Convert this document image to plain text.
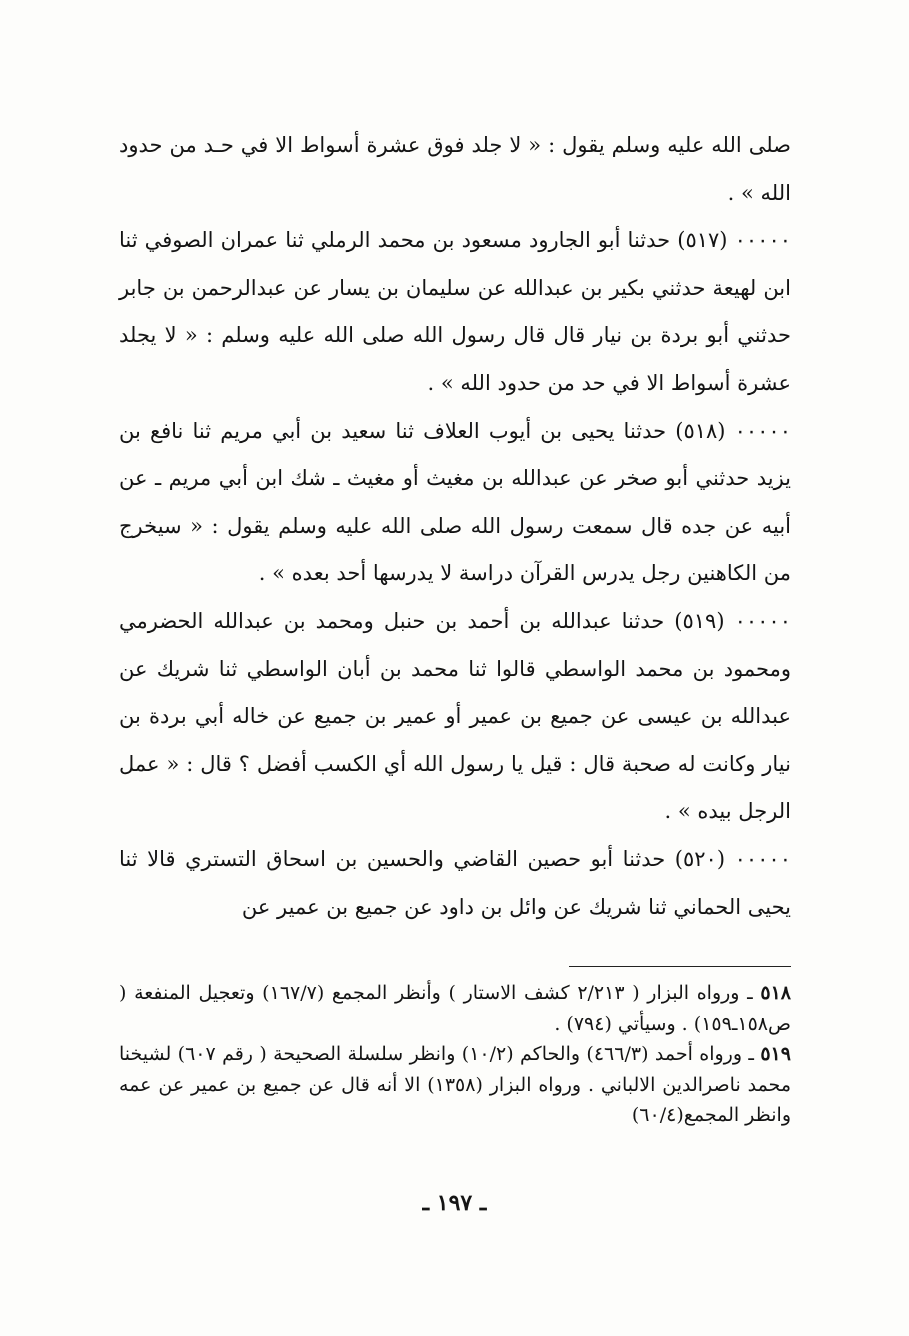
صلى الله عليه وسلم يقول : « لا جلد فوق عشرة أسواط الا في حـد من حدود الله » .

٠٠٠٠٠ (٥١٧) حدثنا أبو الجارود مسعود بن محمد الرملي ثنا عمران الصوفي ثنا ابن لهيعة حدثني بكير بن عبدالله عن سليمان بن يسار عن عبدالرحمن بن جابر حدثني أبو بردة بن نيار قال قال رسول الله صلى الله عليه وسلم : « لا يجلد عشرة أسواط الا في حد من حدود الله » .

٠٠٠٠٠ (٥١٨) حدثنا يحيى بن أيوب العلاف ثنا سعيد بن أبي مريم ثنا نافع بن يزيد حدثني أبو صخر عن عبدالله بن مغيث أو مغيث ـ شك ابن أبي مريم ـ عن أبيه عن جده قال سمعت رسول الله صلى الله عليه وسلم يقول : « سيخرج من الكاهنين رجل يدرس القرآن دراسة لا يدرسها أحد بعده » .

٠٠٠٠٠ (٥١٩) حدثنا عبدالله بن أحمد بن حنبل ومحمد بن عبدالله الحضرمي ومحمود بن محمد الواسطي قالوا ثنا محمد بن أبان الواسطي ثنا شريك عن عبدالله بن عيسى عن جميع بن عمير أو عمير بن جميع عن خاله أبي بردة بن نيار وكانت له صحبة قال : قيل يا رسول الله أي الكسب أفضل ؟ قال : « عمل الرجل بيده » .

٠٠٠٠٠ (٥٢٠) حدثنا أبو حصين القاضي والحسين بن اسحاق التستري قالا ثنا يحيى الحماني ثنا شريك عن وائل بن داود عن جميع بن عمير عن

٥١٨ ـ ورواه البزار ( ٢/٢١٣ كشف الاستار ) وأنظر المجمع (١٦٧/٧) وتعجيل المنفعة ( ص١٥٨ـ١٥٩) . وسيأتي (٧٩٤) .

٥١٩ ـ ورواه أحمد (٤٦٦/٣) والحاكم (١٠/٢) وانظر سلسلة الصحيحة ( رقم ٦٠٧) لشيخنا محمد ناصرالدين الالباني . ورواه البزار (١٣٥٨) الا أنه قال عن جميع بن عمير عن عمه وانظر المجمع(٦٠/٤)

ـ ١٩٧ ـ
